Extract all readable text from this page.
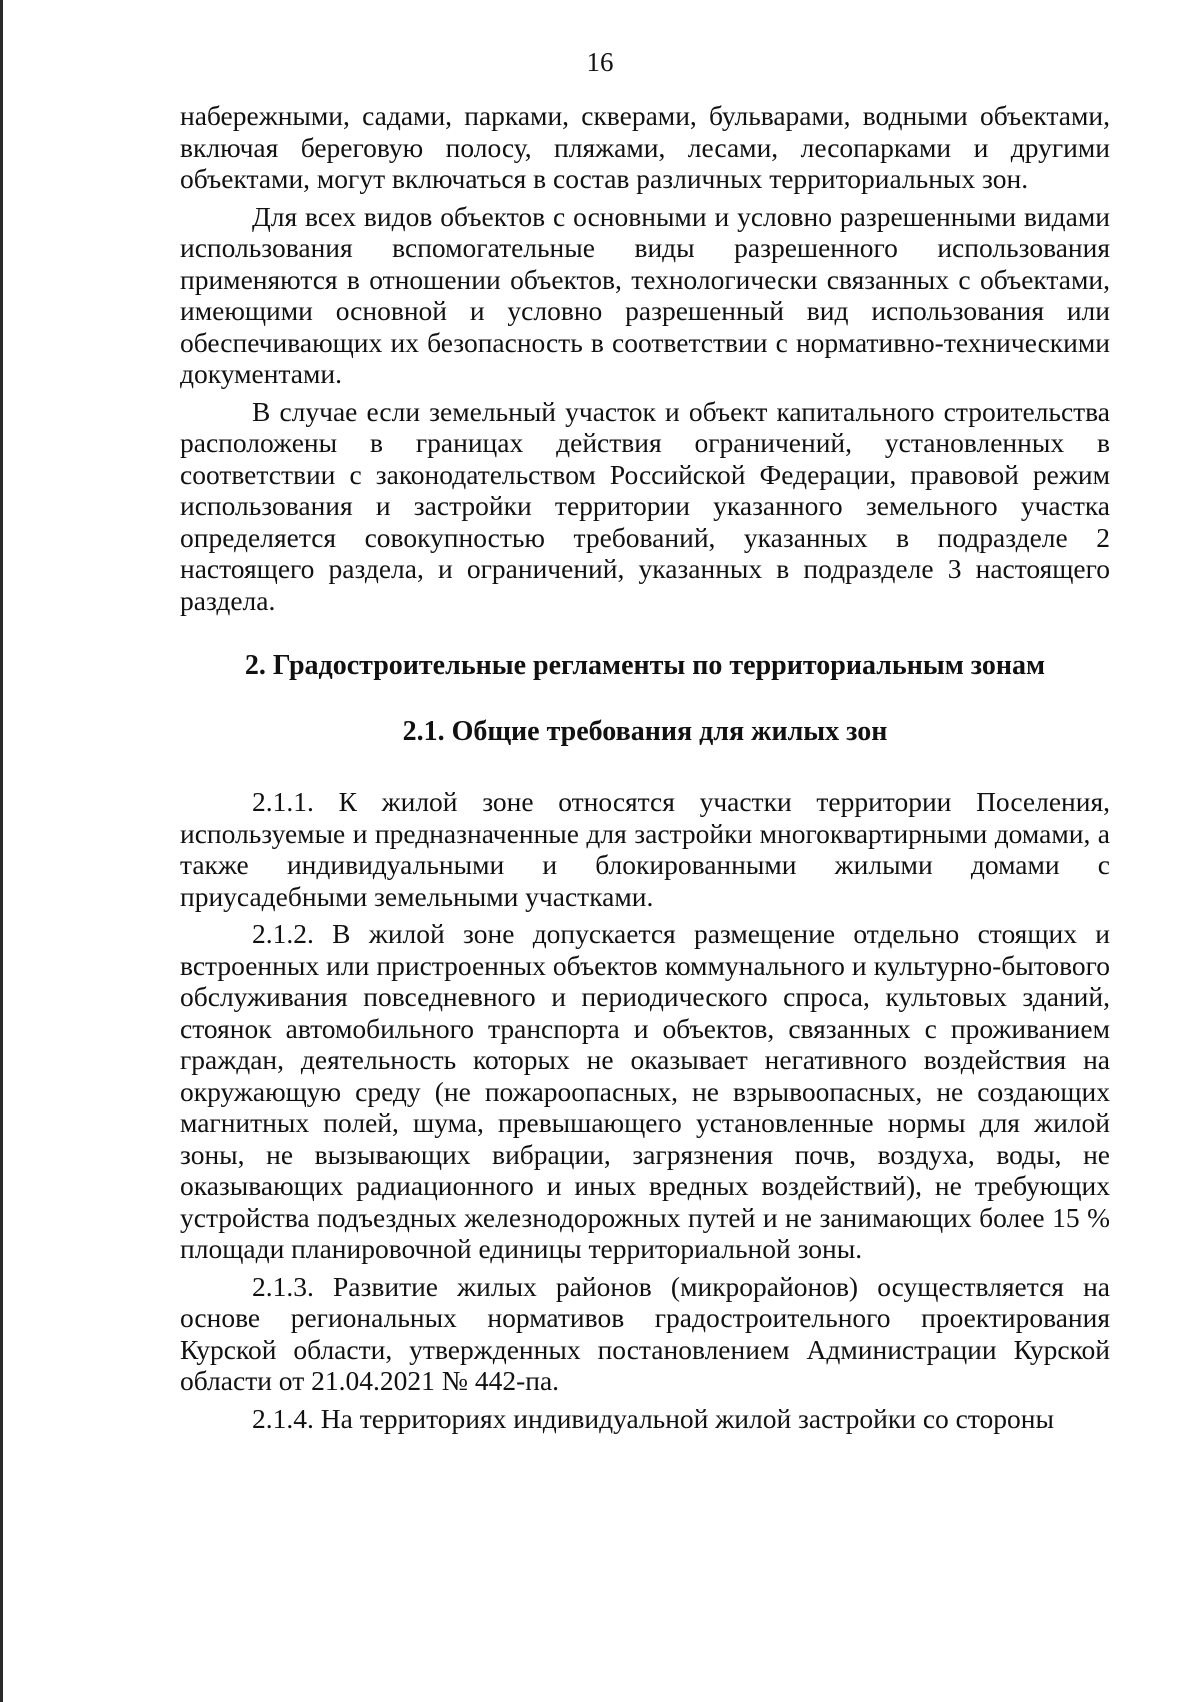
16

набережными, садами, парками, скверами, бульварами, водными объектами, включая береговую полосу, пляжами, лесами, лесопарками и другими объектами, могут включаться в состав различных территориальных зон.

Для всех видов объектов с основными и условно разрешенными видами использования вспомогательные виды разрешенного использования применяются в отношении объектов, технологически связанных с объектами, имеющими основной и условно разрешенный вид использования или обеспечивающих их безопасность в соответствии с нормативно-техническими документами.

В случае если земельный участок и объект капитального строительства расположены в границах действия ограничений, установленных в соответствии с законодательством Российской Федерации, правовой режим использования и застройки территории указанного земельного участка определяется совокупностью требований, указанных в подразделе 2 настоящего раздела, и ограничений, указанных в подразделе 3 настоящего раздела.

2. Градостроительные регламенты по территориальным зонам
2.1. Общие требования для жилых зон

2.1.1. К жилой зоне относятся участки территории Поселения, используемые и предназначенные для застройки многоквартирными домами, а также индивидуальными и блокированными жилыми домами с приусадебными земельными участками.

2.1.2. В жилой зоне допускается размещение отдельно стоящих и встроенных или пристроенных объектов коммунального и культурно-бытового обслуживания повседневного и периодического спроса, культовых зданий, стоянок автомобильного транспорта и объектов, связанных с проживанием граждан, деятельность которых не оказывает негативного воздействия на окружающую среду (не пожароопасных, не взрывоопасных, не создающих магнитных полей, шума, превышающего установленные нормы для жилой зоны, не вызывающих вибрации, загрязнения почв, воздуха, воды, не оказывающих радиационного и иных вредных воздействий), не требующих устройства подъездных железнодорожных путей и не занимающих более 15 % площади планировочной единицы территориальной зоны.

2.1.3. Развитие жилых районов (микрорайонов) осуществляется на основе региональных нормативов градостроительного проектирования Курской области, утвержденных постановлением Администрации Курской области от 21.04.2021 № 442-па.

2.1.4. На территориях индивидуальной жилой застройки со стороны
